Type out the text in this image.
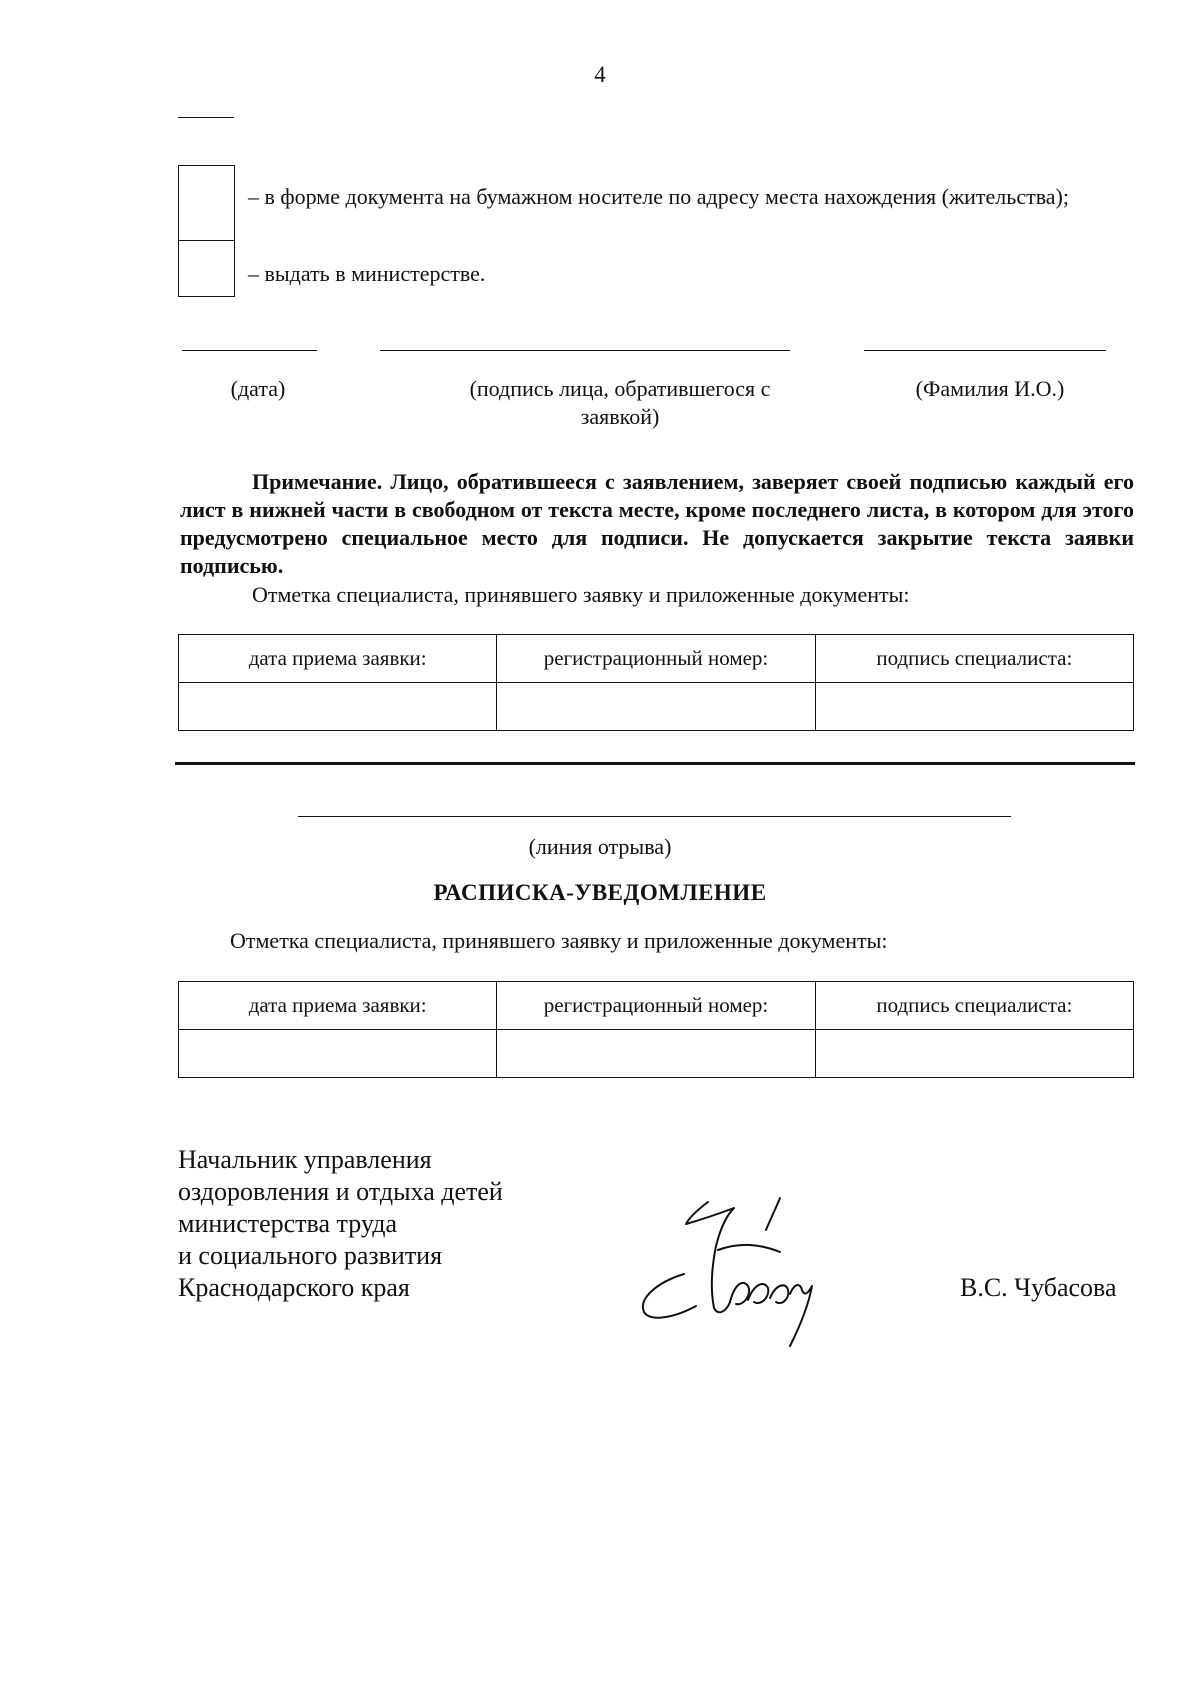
4
– в форме документа на бумажном носителе по адресу места нахождения (жительства);
– выдать в министерстве.
(дата)	(подпись лица, обратившегося с заявкой)
(Фамилия И.О.)
Примечание. Лицо, обратившееся с заявлением, заверяет своей подписью каждый его лист в нижней части в свободном от текста месте, кроме последнего листа, в котором для этого предусмотрено специальное место для подписи. Не допускается закрытие текста заявки подписью.
Отметка специалиста, принявшего заявку и приложенные документы:
дата приема заявки:	регистрационный номер:	подпись специалиста:

(линия отрыва)
РАСПИСКА-УВЕДОМЛЕНИЕ
Отметка специалиста, принявшего заявку и приложенные документы:
дата приема заявки:	регистрационный номер:	подпись специалиста:

Начальник управления
оздоровления и отдыха детей
министерства труда
и социального развития
Краснодарского края	В.С. Чубасова
